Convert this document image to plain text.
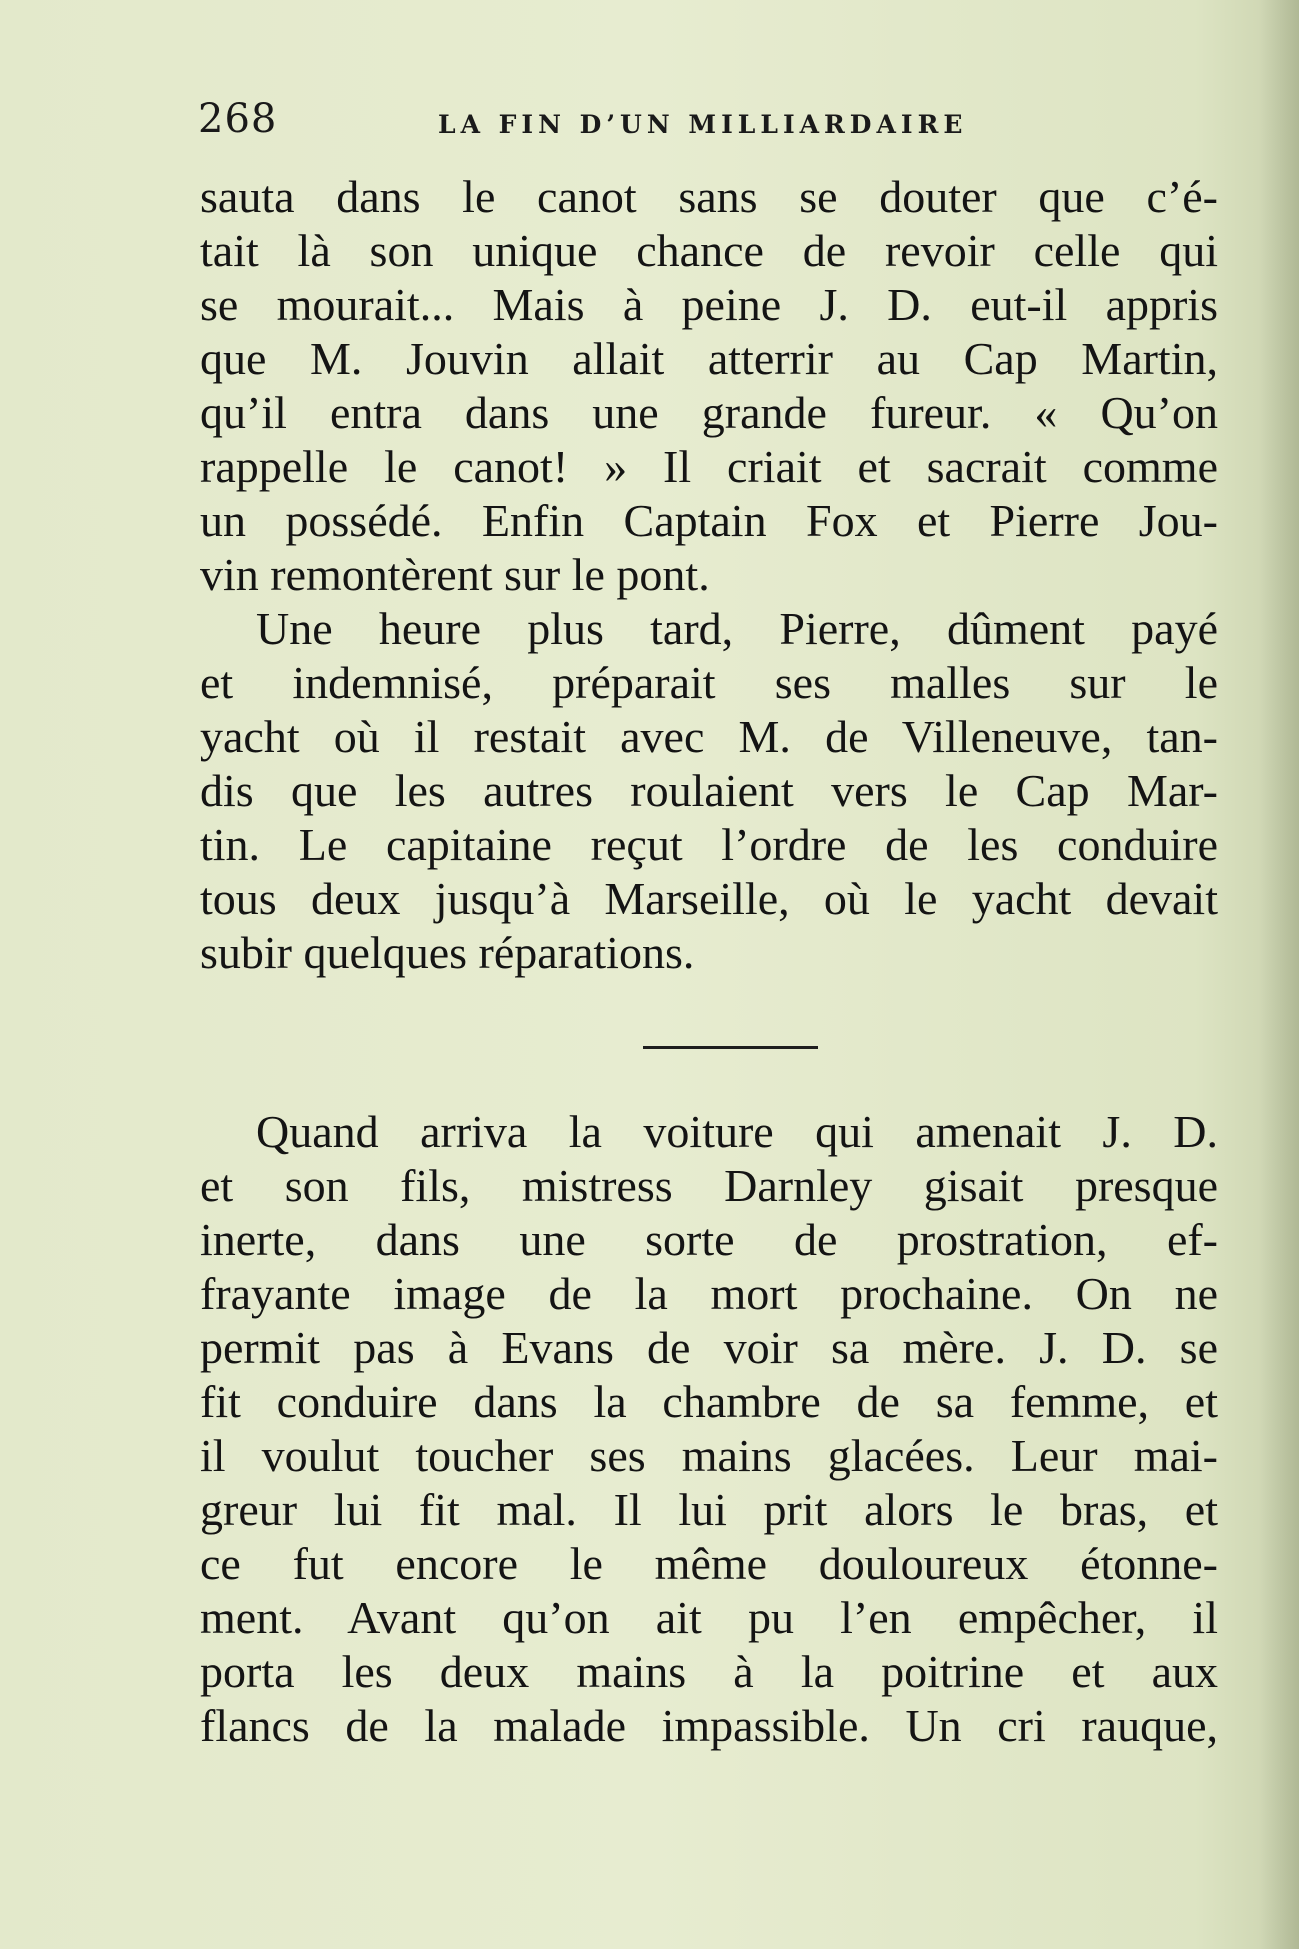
268	LA FIN D’UN MILLIARDAIRE
sauta dans le canot sans se douter que c’é-
tait là son unique chance de revoir celle qui
se mourait... Mais à peine J. D. eut-il appris
que M. Jouvin allait atterrir au Cap Martin,
qu’il entra dans une grande fureur. « Qu’on
rappelle le canot! » Il criait et sacrait comme
un possédé. Enfin Captain Fox et Pierre Jou-
vin remontèrent sur le pont.
Une heure plus tard, Pierre, dûment payé
et indemnisé, préparait ses malles sur le
yacht où il restait avec M. de Villeneuve, tan-
dis que les autres roulaient vers le Cap Mar-
tin. Le capitaine reçut l’ordre de les conduire
tous deux jusqu’à Marseille, où le yacht devait
subir quelques réparations.
Quand arriva la voiture qui amenait J. D.
et son fils, mistress Darnley gisait presque
inerte, dans une sorte de prostration, ef-
frayante image de la mort prochaine. On ne
permit pas à Evans de voir sa mère. J. D. se
fit conduire dans la chambre de sa femme, et
il voulut toucher ses mains glacées. Leur mai-
greur lui fit mal. Il lui prit alors le bras, et
ce fut encore le même douloureux étonne-
ment. Avant qu’on ait pu l’en empêcher, il
porta les deux mains à la poitrine et aux
flancs de la malade impassible. Un cri rauque,
